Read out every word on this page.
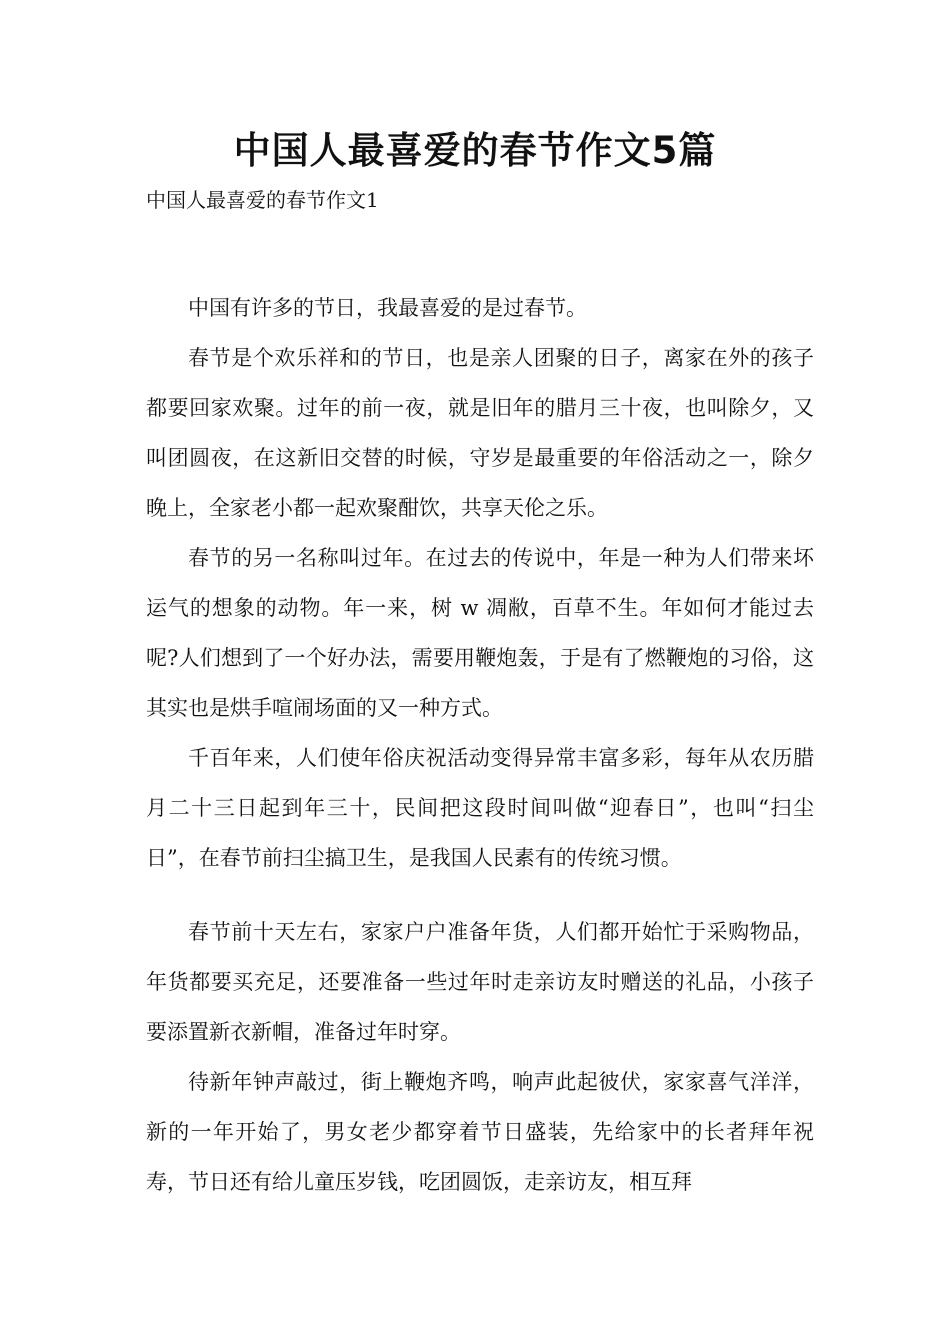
中国人最喜爱的春节作文5篇
中国人最喜爱的春节作文1

中国有许多的节日，我最喜爱的是过春节。

春节是个欢乐祥和的节日，也是亲人团聚的日子，离家在外的孩子都要回家欢聚。过年的前一夜，就是旧年的腊月三十夜，也叫除夕，又叫团圆夜，在这新旧交替的时候，守岁是最重要的年俗活动之一，除夕晚上，全家老小都一起欢聚酣饮，共享天伦之乐。

春节的另一名称叫过年。在过去的传说中，年是一种为人们带来坏运气的想象的动物。年一来，树 w 凋敝，百草不生。年如何才能过去呢?人们想到了一个好办法，需要用鞭炮轰，于是有了燃鞭炮的习俗，这其实也是烘手喧闹场面的又一种方式。

千百年来，人们使年俗庆祝活动变得异常丰富多彩，每年从农历腊月二十三日起到年三十，民间把这段时间叫做“迎春日”，也叫“扫尘日”，在春节前扫尘搞卫生，是我国人民素有的传统习惯。

春节前十天左右，家家户户准备年货，人们都开始忙于采购物品，年货都要买充足，还要准备一些过年时走亲访友时赠送的礼品，小孩子要添置新衣新帽，准备过年时穿。

待新年钟声敲过，街上鞭炮齐鸣，响声此起彼伏，家家喜气洋洋，新的一年开始了，男女老少都穿着节日盛装，先给家中的长者拜年祝寿，节日还有给儿童压岁钱，吃团圆饭，走亲访友，相互拜
